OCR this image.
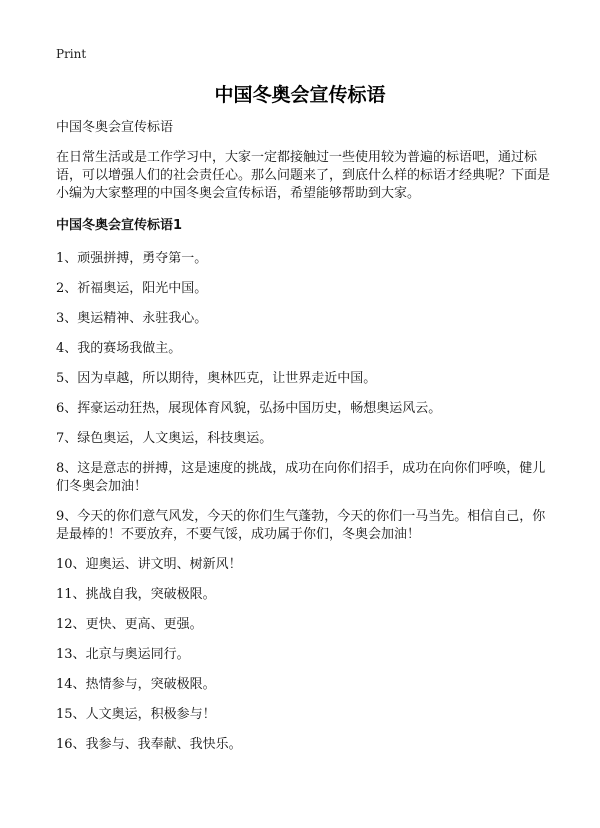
Print
中国冬奥会宣传标语

中国冬奥会宣传标语

在日常生活或是工作学习中，大家一定都接触过一些使用较为普遍的标语吧，通过标语，可以增强人们的社会责任心。那么问题来了，到底什么样的标语才经典呢？下面是小编为大家整理的中国冬奥会宣传标语，希望能够帮助到大家。

中国冬奥会宣传标语1

1、顽强拼搏，勇夺第一。
2、祈福奥运，阳光中国。
3、奥运精神、永驻我心。
4、我的赛场我做主。
5、因为卓越，所以期待，奥林匹克，让世界走近中国。
6、挥豪运动狂热，展现体育风貌，弘扬中国历史，畅想奥运风云。
7、绿色奥运，人文奥运，科技奥运。
8、这是意志的拼搏，这是速度的挑战，成功在向你们招手，成功在向你们呼唤，健儿们冬奥会加油！
9、今天的你们意气风发，今天的你们生气蓬勃，今天的你们一马当先。相信自己，你是最棒的！不要放弃，不要气馁，成功属于你们，冬奥会加油！
10、迎奥运、讲文明、树新风！
11、挑战自我，突破极限。
12、更快、更高、更强。
13、北京与奥运同行。
14、热情参与，突破极限。
15、人文奥运，积极参与！
16、我参与、我奉献、我快乐。
